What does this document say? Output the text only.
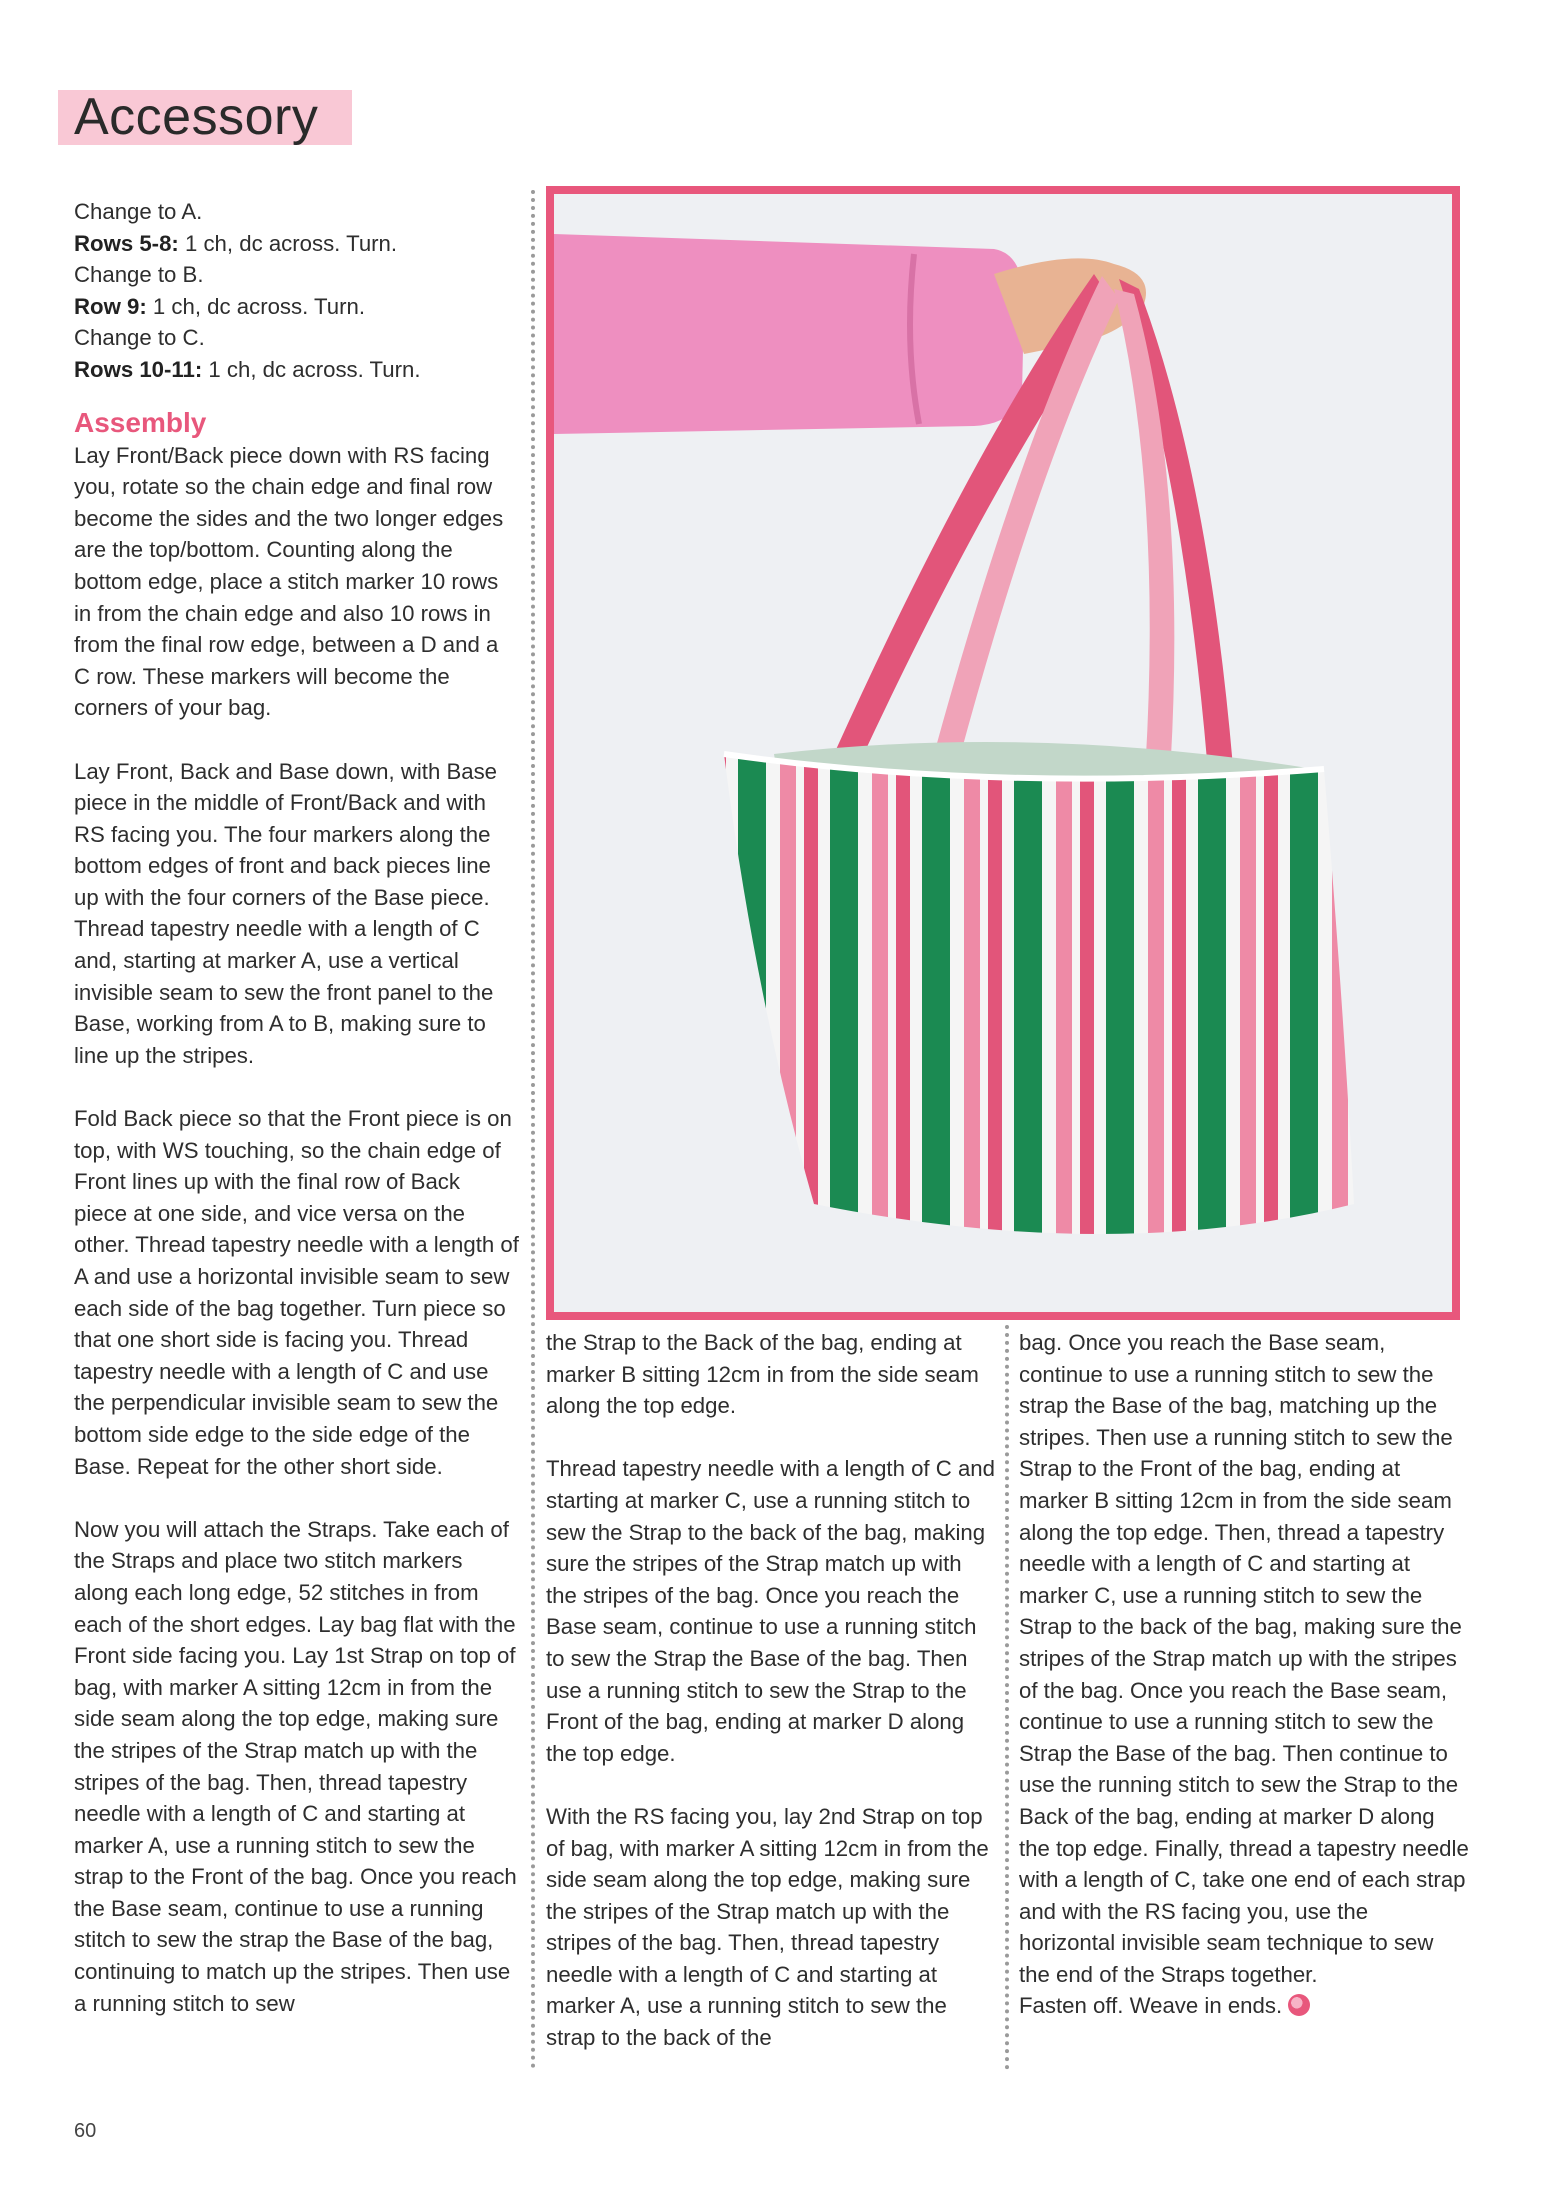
Accessory
Change to A.
Rows 5-8: 1 ch, dc across. Turn.
Change to B.
Row 9: 1 ch, dc across. Turn.
Change to C.
Rows 10-11: 1 ch, dc across. Turn.
Assembly

Lay Front/Back piece down with RS facing you, rotate so the chain edge and final row become the sides and the two longer edges are the top/bottom. Counting along the bottom edge, place a stitch marker 10 rows in from the chain edge and also 10 rows in from the final row edge, between a D and a C row. These markers will become the corners of your bag.

Lay Front, Back and Base down, with Base piece in the middle of Front/Back and with RS facing you. The four markers along the bottom edges of front and back pieces line up with the four corners of the Base piece. Thread tapestry needle with a length of C and, starting at marker A, use a vertical invisible seam to sew the front panel to the Base, working from A to B, making sure to line up the stripes.

Fold Back piece so that the Front piece is on top, with WS touching, so the chain edge of Front lines up with the final row of Back piece at one side, and vice versa on the other. Thread tapestry needle with a length of A and use a horizontal invisible seam to sew each side of the bag together. Turn piece so that one short side is facing you. Thread tapestry needle with a length of C and use the perpendicular invisible seam to sew the bottom side edge to the side edge of the Base. Repeat for the other short side.

Now you will attach the Straps. Take each of the Straps and place two stitch markers along each long edge, 52 stitches in from each of the short edges. Lay bag flat with the Front side facing you. Lay 1st Strap on top of bag, with marker A sitting 12cm in from the side seam along the top edge, making sure the stripes of the Strap match up with the stripes of the bag. Then, thread tapestry needle with a length of C and starting at marker A, use a running stitch to sew the strap to the Front of the bag. Once you reach the Base seam, continue to use a running stitch to sew the strap the Base of the bag, continuing to match up the stripes. Then use a running stitch to sew

the Strap to the Back of the bag, ending at marker B sitting 12cm in from the side seam along the top edge.

Thread tapestry needle with a length of C and starting at marker C, use a running stitch to sew the Strap to the back of the bag, making sure the stripes of the Strap match up with the stripes of the bag. Once you reach the Base seam, continue to use a running stitch to sew the Strap the Base of the bag. Then use a running stitch to sew the Strap to the Front of the bag, ending at marker D along the top edge.

With the RS facing you, lay 2nd Strap on top of bag, with marker A sitting 12cm in from the side seam along the top edge, making sure the stripes of the Strap match up with the stripes of the bag. Then, thread tapestry needle with a length of C and starting at marker A, use a running stitch to sew the strap to the back of the

bag. Once you reach the Base seam, continue to use a running stitch to sew the strap the Base of the bag, matching up the stripes. Then use a running stitch to sew the Strap to the Front of the bag, ending at marker B sitting 12cm in from the side seam along the top edge. Then, thread a tapestry needle with a length of C and starting at marker C, use a running stitch to sew the Strap to the back of the bag, making sure the stripes of the Strap match up with the stripes of the bag. Once you reach the Base seam, continue to use a running stitch to sew the Strap the Base of the bag. Then continue to use the running stitch to sew the Strap to the Back of the bag, ending at marker D along the top edge. Finally, thread a tapestry needle with a length of C, take one end of each strap and with the RS facing you, use the horizontal invisible seam technique to sew the end of the Straps together.

Fasten off. Weave in ends.
60
